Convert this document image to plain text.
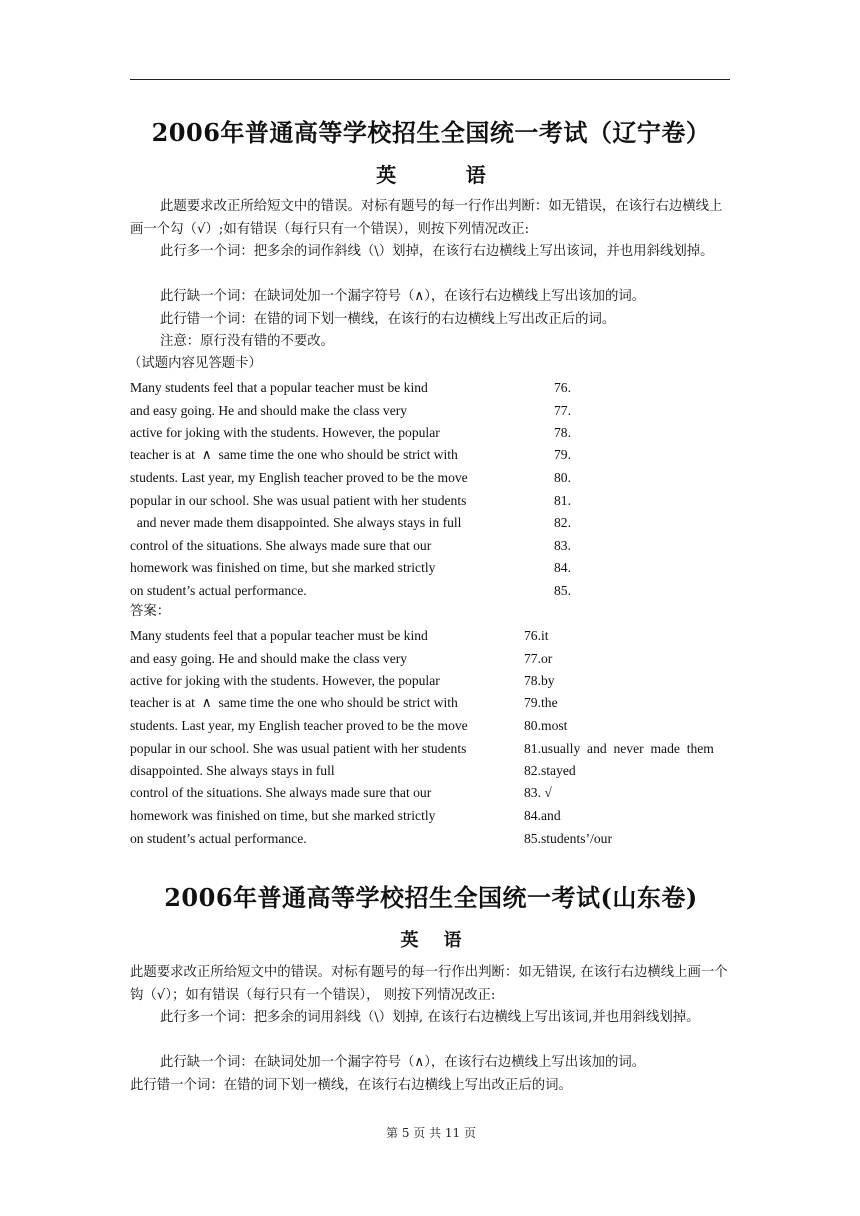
2006年普通高等学校招生全国统一考试（辽宁卷）
英          语
此题要求改正所给短文中的错误。对标有题号的每一行作出判断：如无错误，在该行右边横线上画一个勾（√）;如有错误（每行只有一个错误），则按下列情况改正:
此行多一个词：把多余的词作斜线（\）划掉，在该行右边横线上写出该词，并也用斜线划掉。
此行缺一个词：在缺词处加一个漏字符号（∧），在该行右边横线上写出该加的词。
此行错一个词：在错的词下划一横线，在该行的右边横线上写出改正后的词。
注意：原行没有错的不要改。
（试题内容见答题卡）
Many students feel that a popular teacher must be kind	76.
and easy going. He and should make the class very	77.
active for joking with the students. However, the popular	78.
teacher is at  ∧  same time the one who should be strict with	79.
students. Last year, my English teacher proved to be the move	80.
popular in our school. She was usual patient with her students	81.
and never made them disappointed. She always stays in full	82.
control of the situations. She always made sure that our	83.
homework was finished on time, but she marked strictly	84.
on student’s actual performance.	85.
答案：
Many students feel that a popular teacher must be kind	76.it
and easy going. He and should make the class very	77.or
active for joking with the students. However, the popular	78.by
teacher is at  ∧  same time the one who should be strict with	79.the
students. Last year, my English teacher proved to be the move	80.most
popular in our school. She was usual patient with her students	81.usually  and  never  made  them
disappointed. She always stays in full	82.stayed
control of the situations. She always made sure that our	83. √
homework was finished on time, but she marked strictly	84.and
on student’s actual performance.	85.students’/our
2006年普通高等学校招生全国统一考试(山东卷)
英    语
此题要求改正所给短文中的错误。对标有题号的每一行作出判断：如无错误, 在该行右边横线上画一个钩（√）；如有错误（每行只有一个错误）， 则按下列情况改正:
此行多一个词：把多余的词用斜线（\）划掉, 在该行右边横线上写出该词,并也用斜线划掉。
此行缺一个词：在缺词处加一个漏字符号（∧），在该行右边横线上写出该加的词。
此行错一个词：在错的词下划一横线，在该行右边横线上写出改正后的词。
第 5 页 共 11 页
